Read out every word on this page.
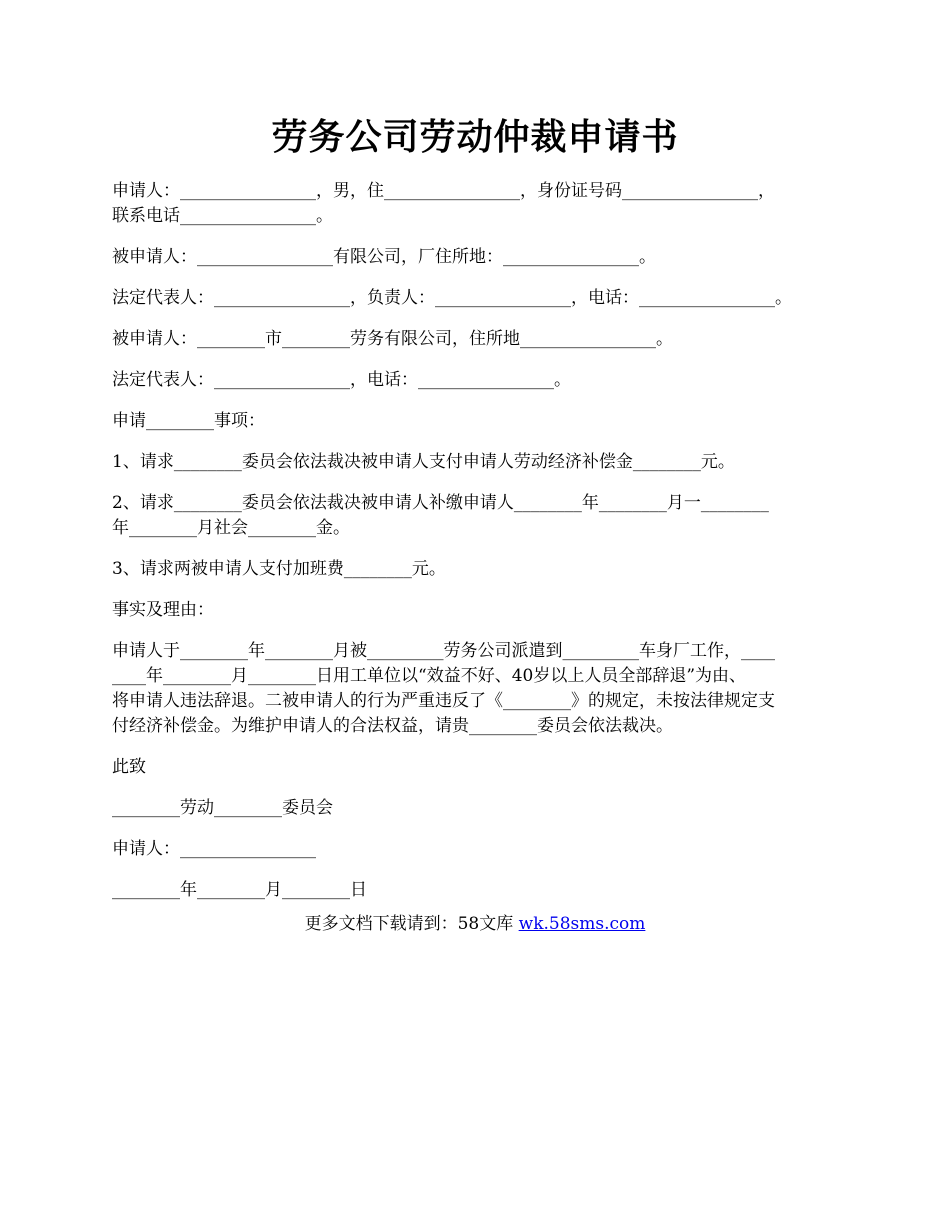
劳务公司劳动仲裁申请书

申请人：________________，男，住________________，身份证号码________________，
联系电话________________。

被申请人：________________有限公司，厂住所地：________________。

法定代表人：________________，负责人：________________，电话：________________。

被申请人：________市________劳务有限公司，住所地________________。

法定代表人：________________，电话：________________。

申请________事项：

1、请求________委员会依法裁决被申请人支付申请人劳动经济补偿金________元。

2、请求________委员会依法裁决被申请人补缴申请人________年________月一________
年________月社会________金。

3、请求两被申请人支付加班费________元。

事实及理由：

申请人于________年________月被_________劳务公司派遣到_________车身厂工作，____
____年________月________日用工单位以“效益不好、40岁以上人员全部辞退”为由、
将申请人违法辞退。二被申请人的行为严重违反了《________》的规定，未按法律规定支
付经济补偿金。为维护申请人的合法权益，请贵________委员会依法裁决。

此致

________劳动________委员会

申请人：________________

________年________月________日

更多文档下载请到：58文库 wk.58sms.com
